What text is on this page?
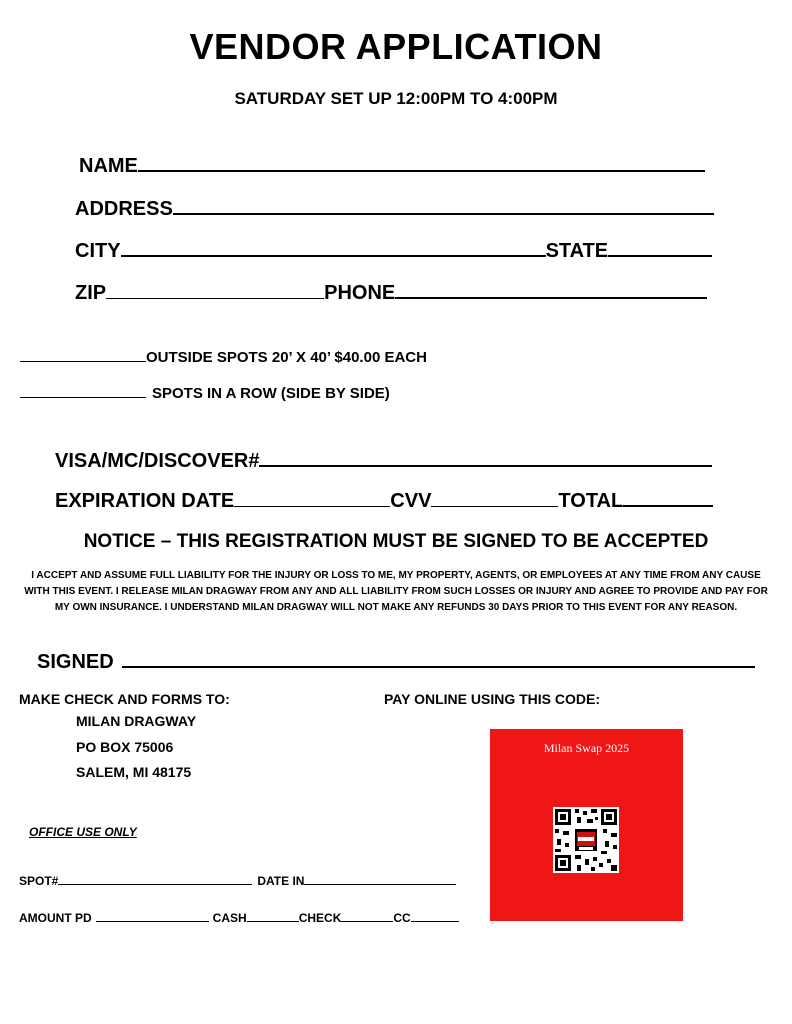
VENDOR APPLICATION
SATURDAY SET UP 12:00PM TO 4:00PM
NAME
ADDRESS
CITY	STATE
ZIP	PHONE
OUTSIDE SPOTS 20’ X 40’ $40.00 EACH
SPOTS IN A ROW (SIDE BY SIDE)
VISA/MC/DISCOVER#
EXPIRATION DATE	CVV	TOTAL
NOTICE – THIS REGISTRATION MUST BE SIGNED TO BE ACCEPTED
I ACCEPT AND ASSUME FULL LIABILITY FOR THE INJURY OR LOSS TO ME, MY PROPERTY, AGENTS, OR EMPLOYEES AT ANY TIME FROM ANY CAUSE WITH THIS EVENT. I RELEASE MILAN DRAGWAY FROM ANY AND ALL LIABILITY FROM SUCH LOSSES OR INJURY AND AGREE TO PROVIDE AND PAY FOR MY OWN INSURANCE. I UNDERSTAND MILAN DRAGWAY WILL NOT MAKE ANY REFUNDS 30 DAYS PRIOR TO THIS EVENT FOR ANY REASON.
SIGNED
MAKE CHECK AND FORMS TO:
MILAN DRAGWAY
PO BOX 75006
SALEM, MI 48175
PAY ONLINE USING THIS CODE:
Milan Swap 2025
OFFICE USE ONLY
SPOT#	DATE IN
AMOUNT PD	CASH	CHECK	CC
